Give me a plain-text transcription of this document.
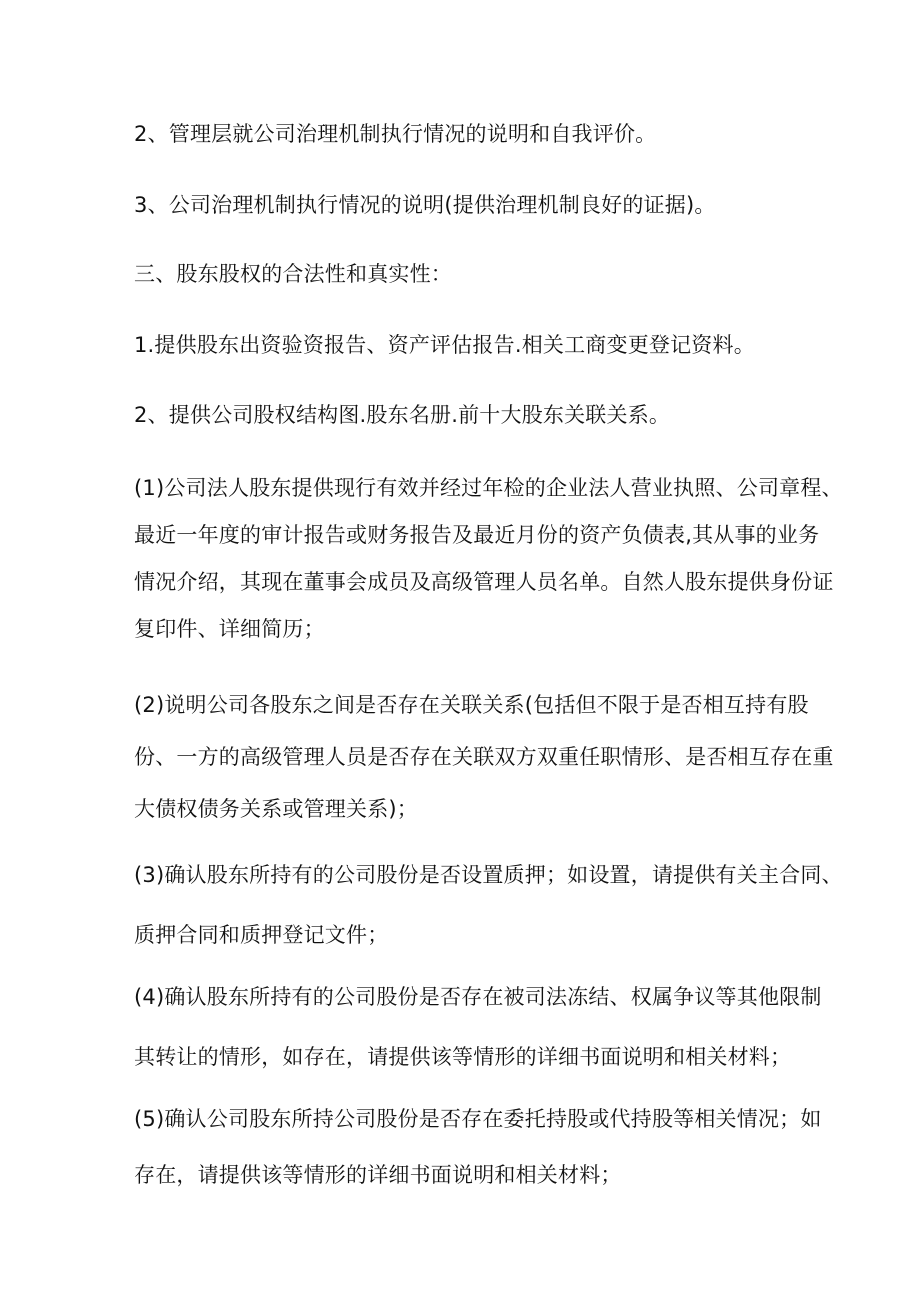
2、管理层就公司治理机制执行情况的说明和自我评价。

3、公司治理机制执行情况的说明(提供治理机制良好的证据)。

三、股东股权的合法性和真实性：

1.提供股东出资验资报告、资产评估报告.相关工商变更登记资料。

2、提供公司股权结构图.股东名册.前十大股东关联关系。

(1)公司法人股东提供现行有效并经过年检的企业法人营业执照、公司章程、
最近一年度的审计报告或财务报告及最近月份的资产负债表,其从事的业务
情况介绍，其现在董事会成员及高级管理人员名单。自然人股东提供身份证
复印件、详细简历；

(2)说明公司各股东之间是否存在关联关系(包括但不限于是否相互持有股
份、一方的高级管理人员是否存在关联双方双重任职情形、是否相互存在重
大债权债务关系或管理关系)；

(3)确认股东所持有的公司股份是否设置质押；如设置，请提供有关主合同、
质押合同和质押登记文件；

(4)确认股东所持有的公司股份是否存在被司法冻结、权属争议等其他限制
其转让的情形，如存在，请提供该等情形的详细书面说明和相关材料；

(5)确认公司股东所持公司股份是否存在委托持股或代持股等相关情况；如
存在，请提供该等情形的详细书面说明和相关材料；
